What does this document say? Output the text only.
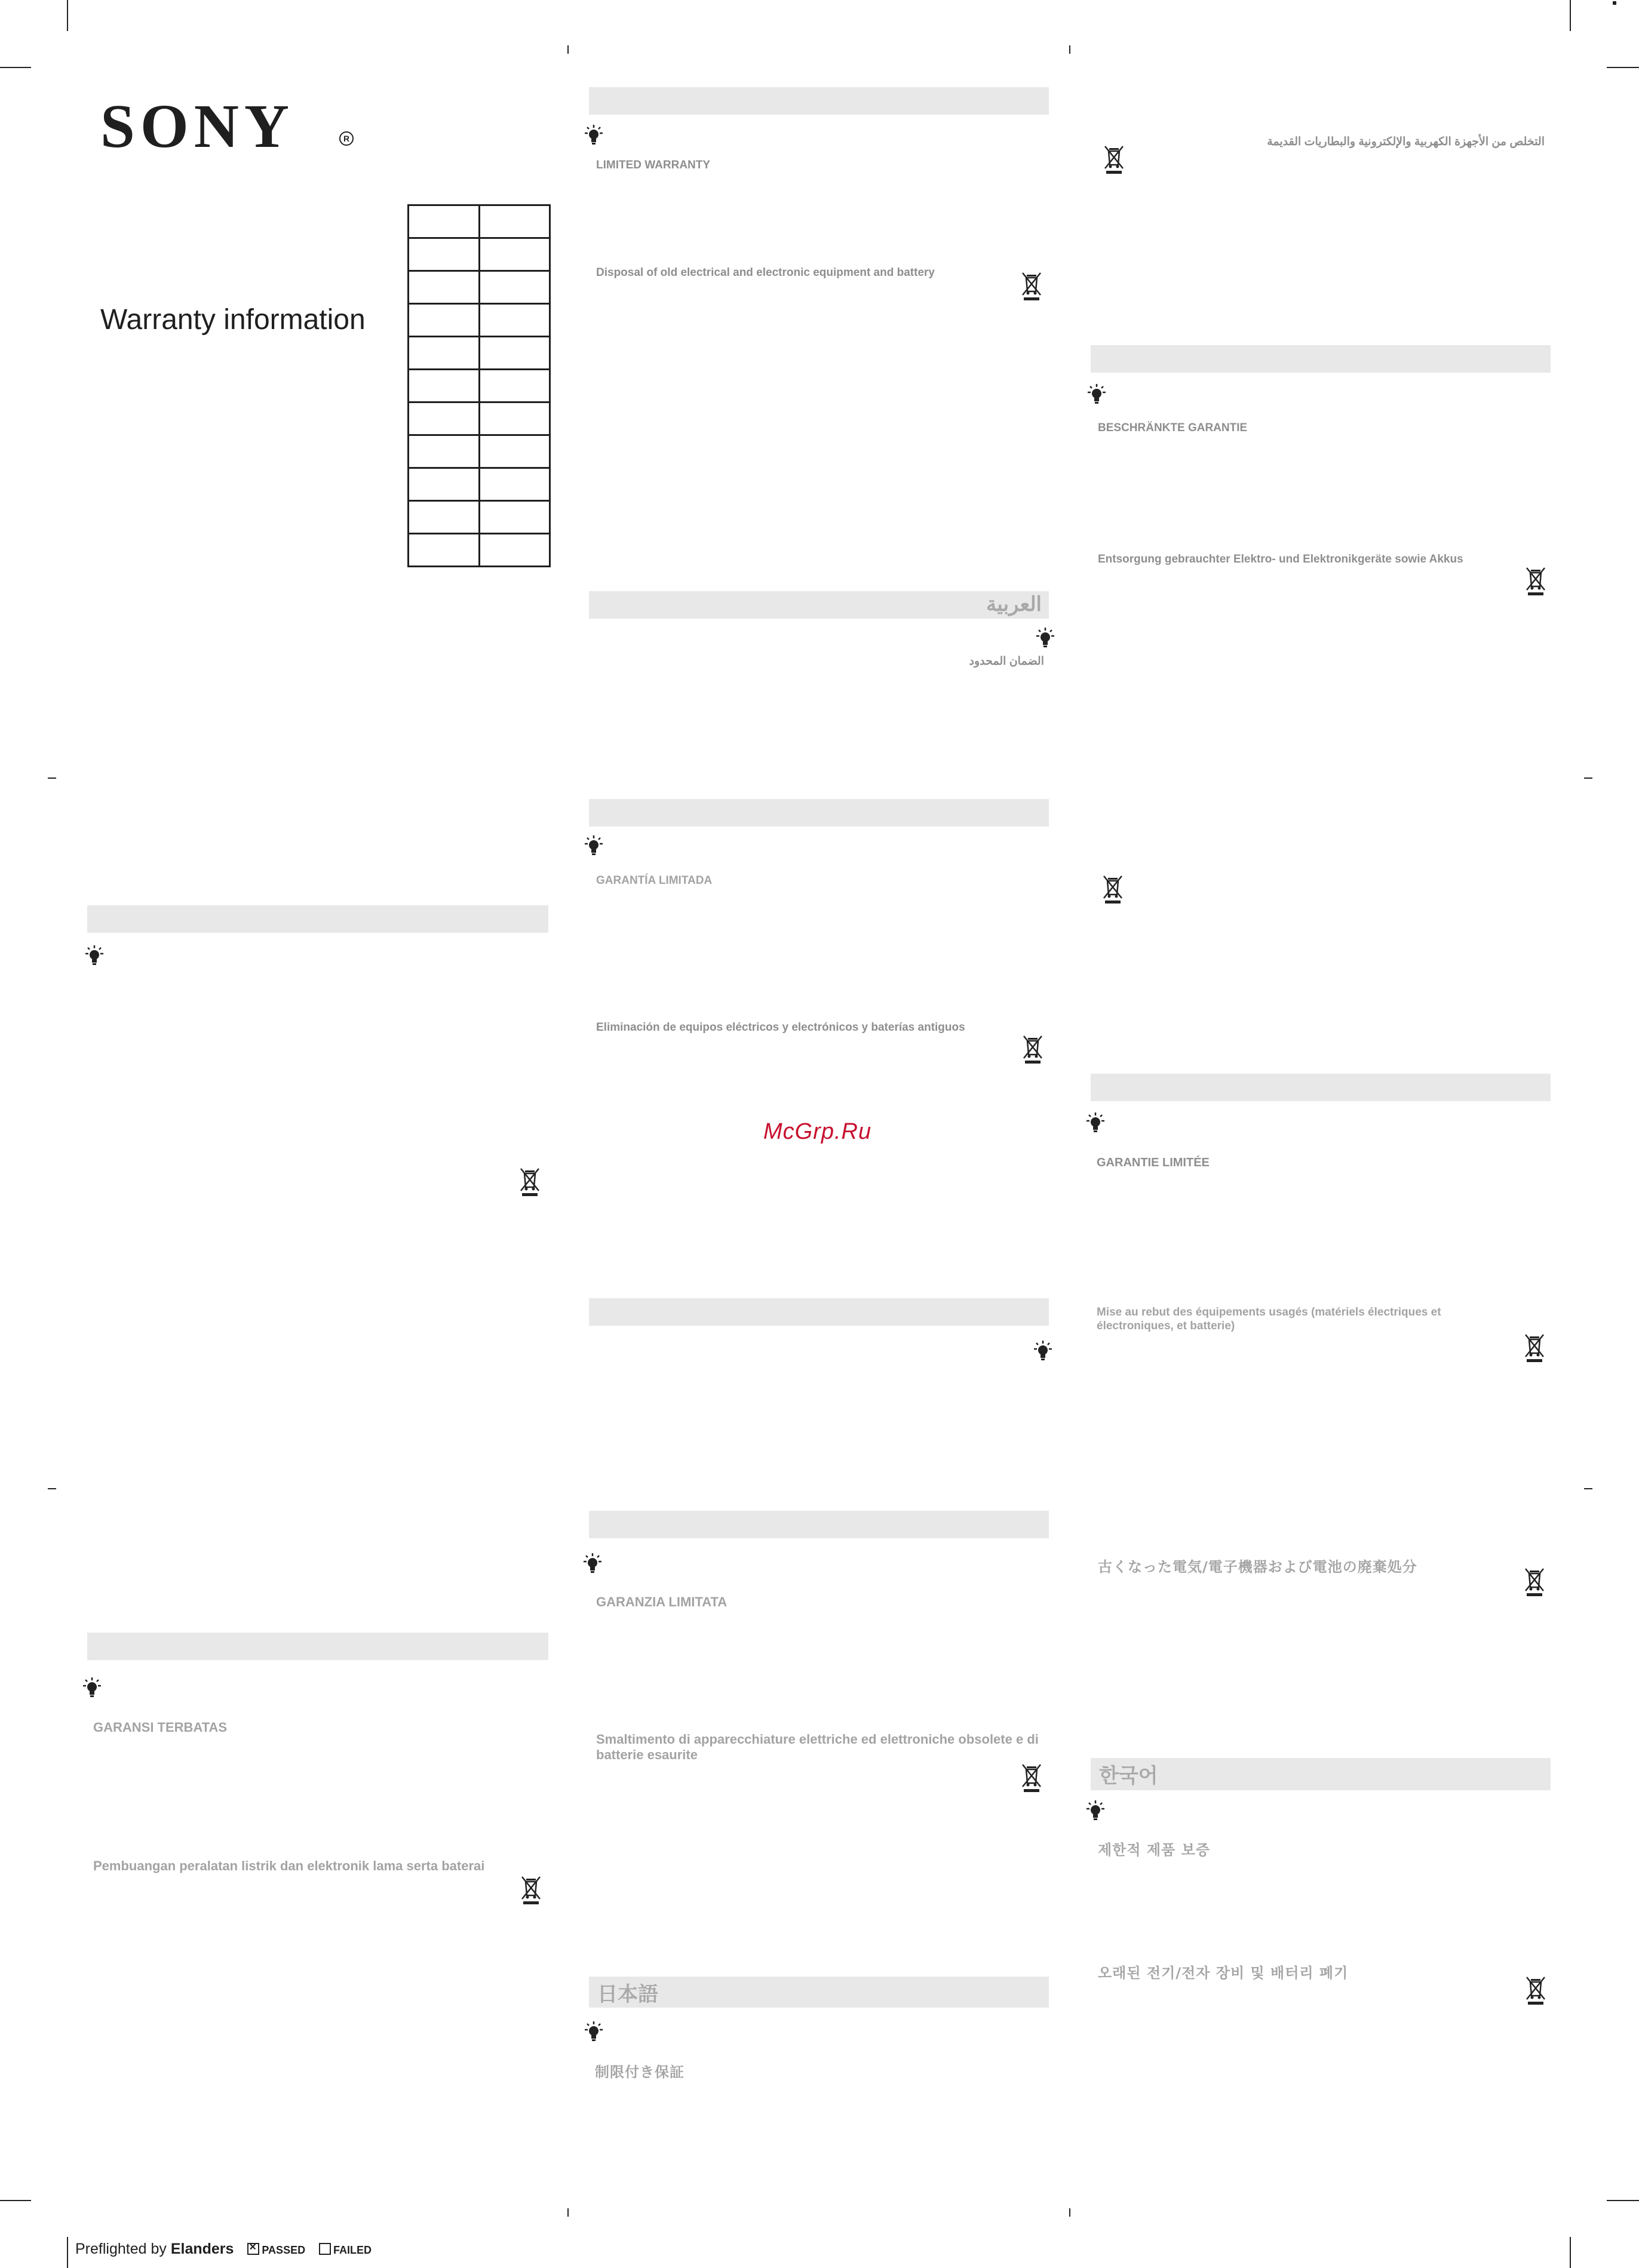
SONY	R
Warranty information

GARANSI TERBATAS
Pembuangan peralatan listrik dan elektronik lama serta baterai
LIMITED WARRANTY
Disposal of old electrical and electronic equipment and battery
العربية
الضمان المحدود
GARANTÍA LIMITADA
Eliminación de equipos eléctricos y electrónicos y baterías antiguos
McGrp.Ru
GARANZIA LIMITATA
Smaltimento di apparecchiature elettriche ed elettroniche obsolete e di batterie esaurite
日本語
制限付き保証
التخلص من الأجهزة الكهربية والإلكترونية والبطاريات القديمة
BESCHRÄNKTE GARANTIE
Entsorgung gebrauchter Elektro- und Elektronikgeräte sowie Akkus
GARANTIE LIMITÉE
Mise au rebut des équipements usagés (matériels électriques et électroniques, et batterie)
古くなった電気/電子機器および電池の廃棄処分
한국어
제한적 제품 보증
오래된 전기/전자 장비 및 배터리 폐기
Preflighted by Elanders ×	PASSED	FAILED
